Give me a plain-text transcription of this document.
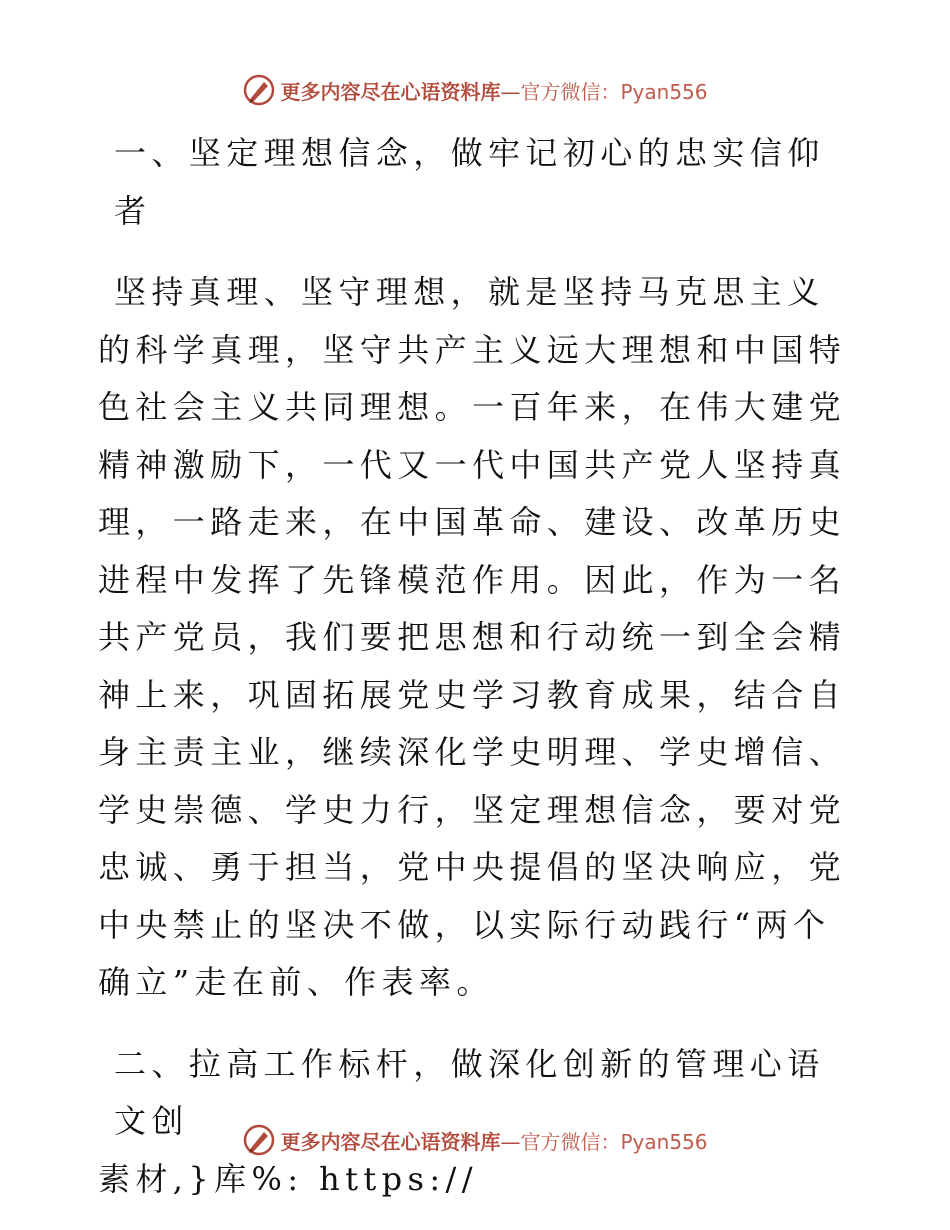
更多内容尽在心语资料库—官方微信：Pyan556

一、坚定理想信念，做牢记初心的忠实信仰者

坚持真理、坚守理想，就是坚持马克思主义的科学真理，坚守共产主义远大理想和中国特色社会主义共同理想。一百年来，在伟大建党精神激励下，一代又一代中国共产党人坚持真理，一路走来，在中国革命、建设、改革历史进程中发挥了先锋模范作用。因此，作为一名共产党员，我们要把思想和行动统一到全会精神上来，巩固拓展党史学习教育成果，结合自身主责主业，继续深化学史明理、学史增信、学史崇德、学史力行，坚定理想信念，要对党忠诚、勇于担当，党中央提倡的坚决响应，党中央禁止的坚决不做，以实际行动践行“两个确立”走在前、作表率。

二、拉高工作标杆，做深化创新的管理心语文创

素材,}库%: https://

更多内容尽在心语资料库—官方微信：Pyan556
